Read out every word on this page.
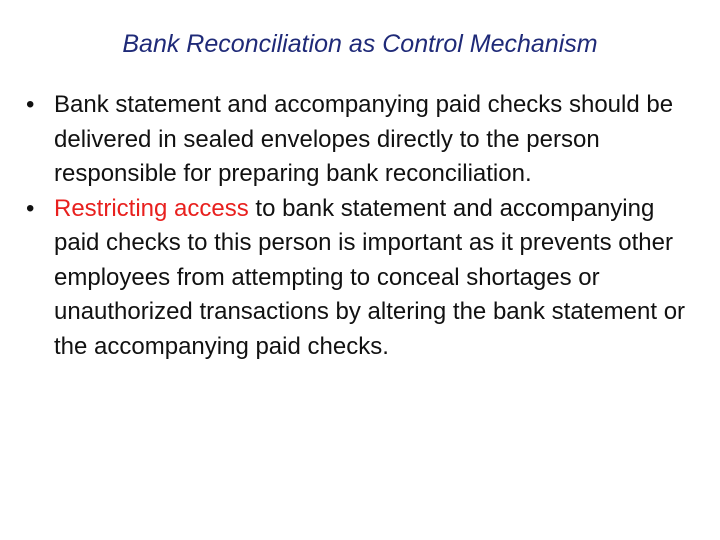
Bank Reconciliation as Control Mechanism
• Bank statement and accompanying paid checks should be delivered in sealed envelopes directly to the person responsible for preparing bank reconciliation.
• Restricting access to bank statement and accompanying paid checks to this person is important as it prevents other employees from attempting to conceal shortages or unauthorized transactions by altering the bank statement or the accompanying paid checks.
